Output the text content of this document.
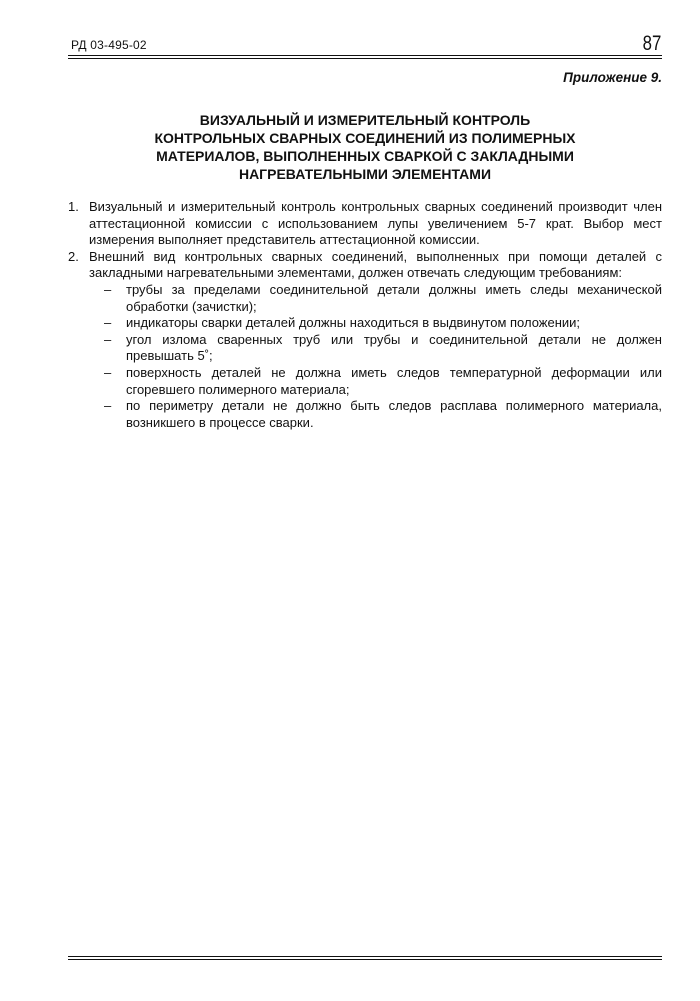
РД 03-495-02	87
Приложение 9.
ВИЗУАЛЬНЫЙ И ИЗМЕРИТЕЛЬНЫЙ КОНТРОЛЬ
КОНТРОЛЬНЫХ СВАРНЫХ СОЕДИНЕНИЙ ИЗ ПОЛИМЕРНЫХ
МАТЕРИАЛОВ, ВЫПОЛНЕННЫХ СВАРКОЙ С ЗАКЛАДНЫМИ
НАГРЕВАТЕЛЬНЫМИ ЭЛЕМЕНТАМИ
1. Визуальный и измерительный контроль контрольных сварных соединений производит член аттестационной комиссии с использованием лупы увеличением 5-7 крат. Выбор мест измерения выполняет представитель аттестационной комиссии.
2. Внешний вид контрольных сварных соединений, выполненных при помощи деталей с закладными нагревательными элементами, должен отвечать следующим требованиям:
– трубы за пределами соединительной детали должны иметь следы механической обработки (зачистки);
– индикаторы сварки деталей должны находиться в выдвинутом положении;
– угол излома сваренных труб или трубы и соединительной детали не должен превышать 5˚;
– поверхность деталей не должна иметь следов температурной деформации или сгоревшего полимерного материала;
– по периметру детали не должно быть следов расплава полимерного материала, возникшего в процессе сварки.
